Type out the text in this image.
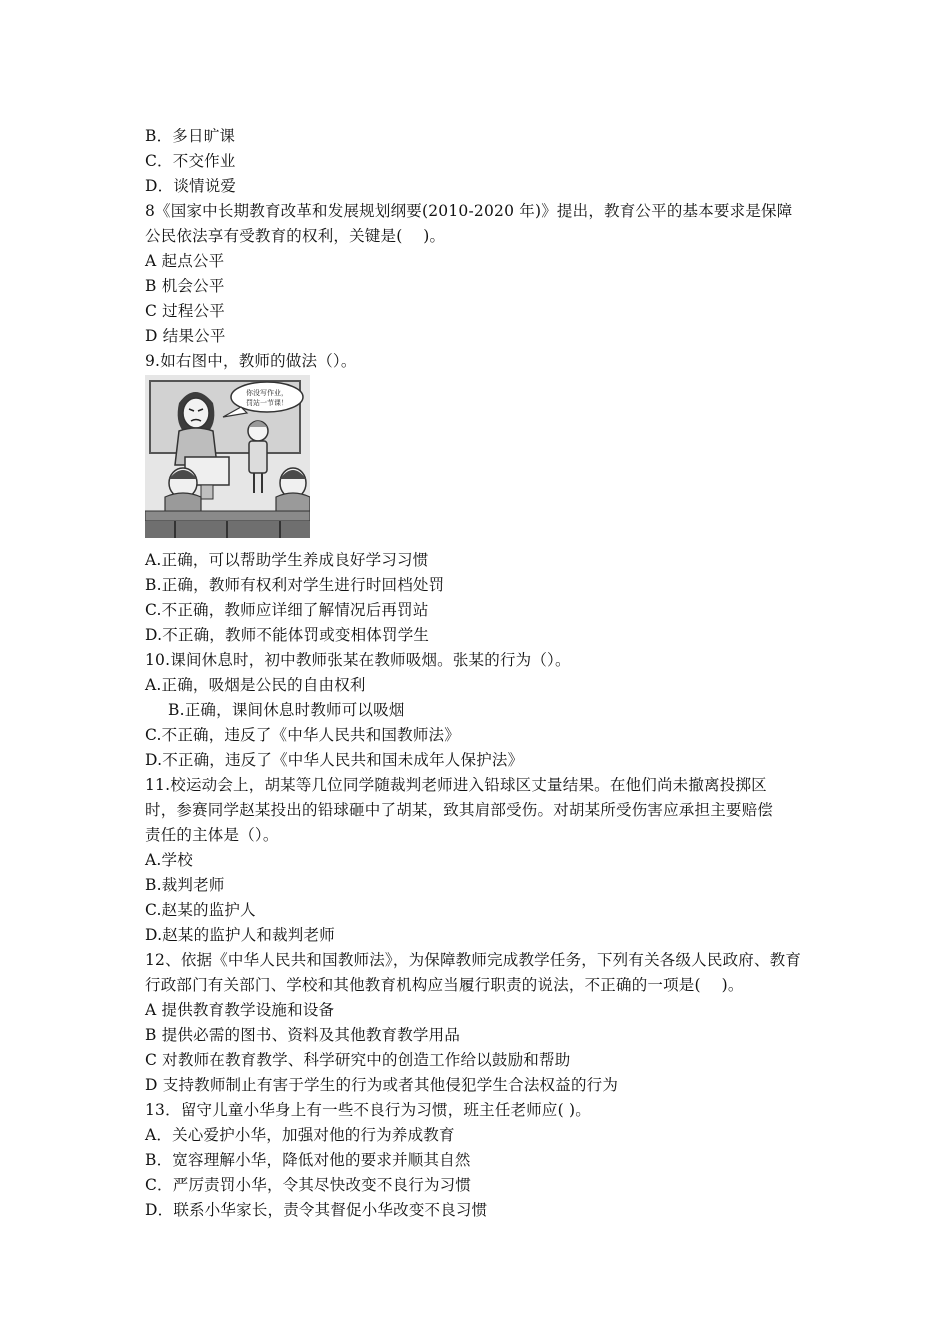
B．多日旷课
C．不交作业
D．谈情说爱
8《国家中长期教育改革和发展规划纲要(2010-2020 年)》提出，教育公平的基本要求是保障
公民依法享有受教育的权利，关键是(　 )。
A 起点公平
B 机会公平
C 过程公平
D 结果公平
9.如右图中，教师的做法（）。
你没写作业，
罚站一节课！
A.正确，可以帮助学生养成良好学习习惯
B.正确，教师有权利对学生进行时回档处罚
C.不正确，教师应详细了解情况后再罚站
D.不正确，教师不能体罚或变相体罚学生
10.课间休息时，初中教师张某在教师吸烟。张某的行为（）。
A.正确，吸烟是公民的自由权利
B.正确，课间休息时教师可以吸烟
C.不正确，违反了《中华人民共和国教师法》
D.不正确，违反了《中华人民共和国未成年人保护法》
11.校运动会上，胡某等几位同学随裁判老师进入铅球区丈量结果。在他们尚未撤离投掷区
时，参赛同学赵某投出的铅球砸中了胡某，致其肩部受伤。对胡某所受伤害应承担主要赔偿
责任的主体是（）。
A.学校
B.裁判老师
C.赵某的监护人
D.赵某的监护人和裁判老师
12、依据《中华人民共和国教师法》，为保障教师完成教学任务，下列有关各级人民政府、教育
行政部门有关部门、学校和其他教育机构应当履行职责的说法，不正确的一项是(　 )。
A 提供教育教学设施和设备
B 提供必需的图书、资料及其他教育教学用品
C 对教师在教育教学、科学研究中的创造工作给以鼓励和帮助
D 支持教师制止有害于学生的行为或者其他侵犯学生合法权益的行为
13．留守儿童小华身上有一些不良行为习惯，班主任老师应( )。
A．关心爱护小华，加强对他的行为养成教育
B．宽容理解小华，降低对他的要求并顺其自然
C．严厉责罚小华，令其尽快改变不良行为习惯
D．联系小华家长，责令其督促小华改变不良习惯
